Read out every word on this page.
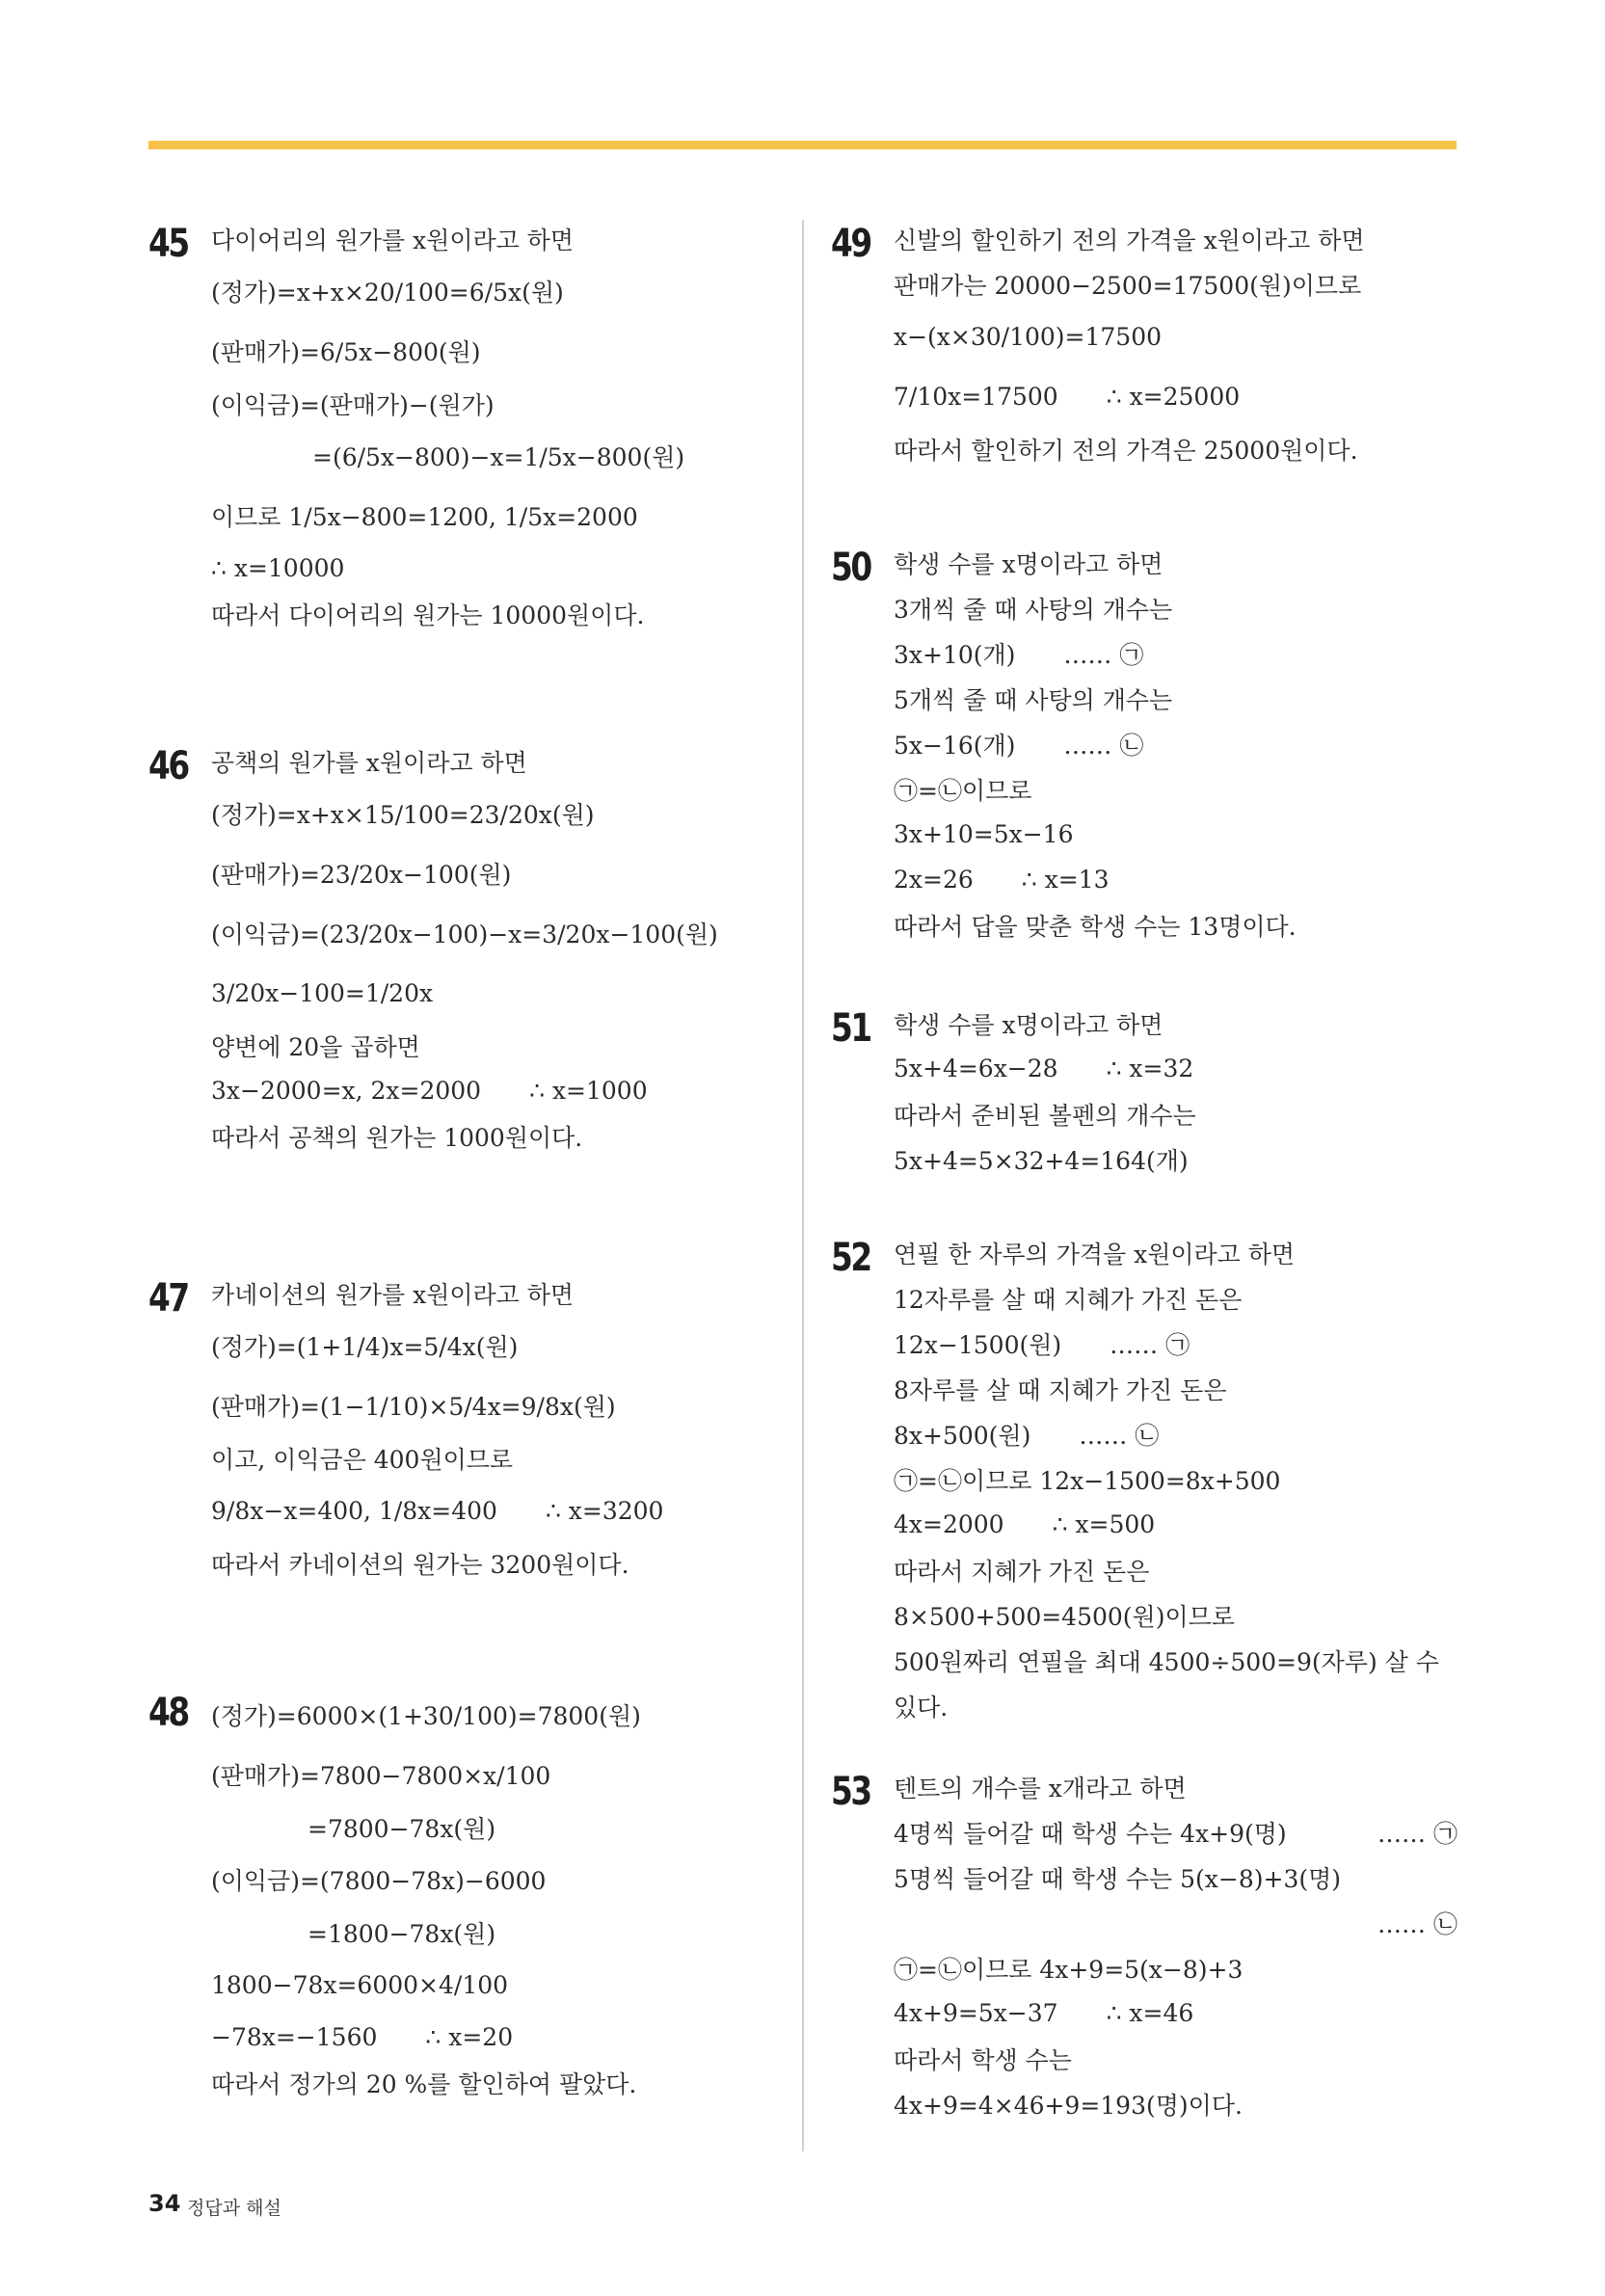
45 다이어리의 원가를 x원이라고 하면
(정가)=x+x×20/100=6/5x(원)
(판매가)=6/5x−800(원)
(이익금)=(판매가)−(원가)
=(6/5x−800)−x=1/5x−800(원)
이므로 1/5x−800=1200, 1/5x=2000
∴ x=10000
따라서 다이어리의 원가는 10000원이다.
46 공책의 원가를 x원이라고 하면
(정가)=x+x×15/100=23/20x(원)
(판매가)=23/20x−100(원)
(이익금)=(23/20x−100)−x=3/20x−100(원)
3/20x−100=1/20x
양변에 20을 곱하면
3x−2000=x, 2x=2000 ∴ x=1000
따라서 공책의 원가는 1000원이다.
47 카네이션의 원가를 x원이라고 하면
(정가)=(1+1/4)x=5/4x(원)
(판매가)=(1−1/10)×5/4x=9/8x(원)
이고, 이익금은 400원이므로
9/8x−x=400, 1/8x=400 ∴ x=3200
따라서 카네이션의 원가는 3200원이다.
48 (정가)=6000×(1+30/100)=7800(원)
(판매가)=7800−7800×x/100
=7800−78x(원)
(이익금)=(7800−78x)−6000
=1800−78x(원)
1800−78x=6000×4/100
−78x=−1560 ∴ x=20
따라서 정가의 20 %를 할인하여 팔았다.
49 신발의 할인하기 전의 가격을 x원이라고 하면
판매가는 20000−2500=17500(원)이므로
x−(x×30/100)=17500
7/10x=17500 ∴ x=25000
따라서 할인하기 전의 가격은 25000원이다.
50 학생 수를 x명이라고 하면
3개씩 줄 때 사탕의 개수는
3x+10(개) …… ㉠
5개씩 줄 때 사탕의 개수는
5x−16(개) …… ㉡
㉠=㉡이므로
3x+10=5x−16
2x=26 ∴ x=13
따라서 답을 맞춘 학생 수는 13명이다.
51 학생 수를 x명이라고 하면
5x+4=6x−28 ∴ x=32
따라서 준비된 볼펜의 개수는
5x+4=5×32+4=164(개)
52 연필 한 자루의 가격을 x원이라고 하면
12자루를 살 때 지혜가 가진 돈은
12x−1500(원) …… ㉠
8자루를 살 때 지혜가 가진 돈은
8x+500(원) …… ㉡
㉠=㉡이므로 12x−1500=8x+500
4x=2000 ∴ x=500
따라서 지혜가 가진 돈은
8×500+500=4500(원)이므로
500원짜리 연필을 최대 4500÷500=9(자루) 살 수
있다.
53 텐트의 개수를 x개라고 하면
4명씩 들어갈 때 학생 수는 4x+9(명)	…… ㉠
5명씩 들어갈 때 학생 수는 5(x−8)+3(명)
…… ㉡
㉠=㉡이므로 4x+9=5(x−8)+3
4x+9=5x−37 ∴ x=46
따라서 학생 수는
4x+9=4×46+9=193(명)이다.
34 정답과 해설
